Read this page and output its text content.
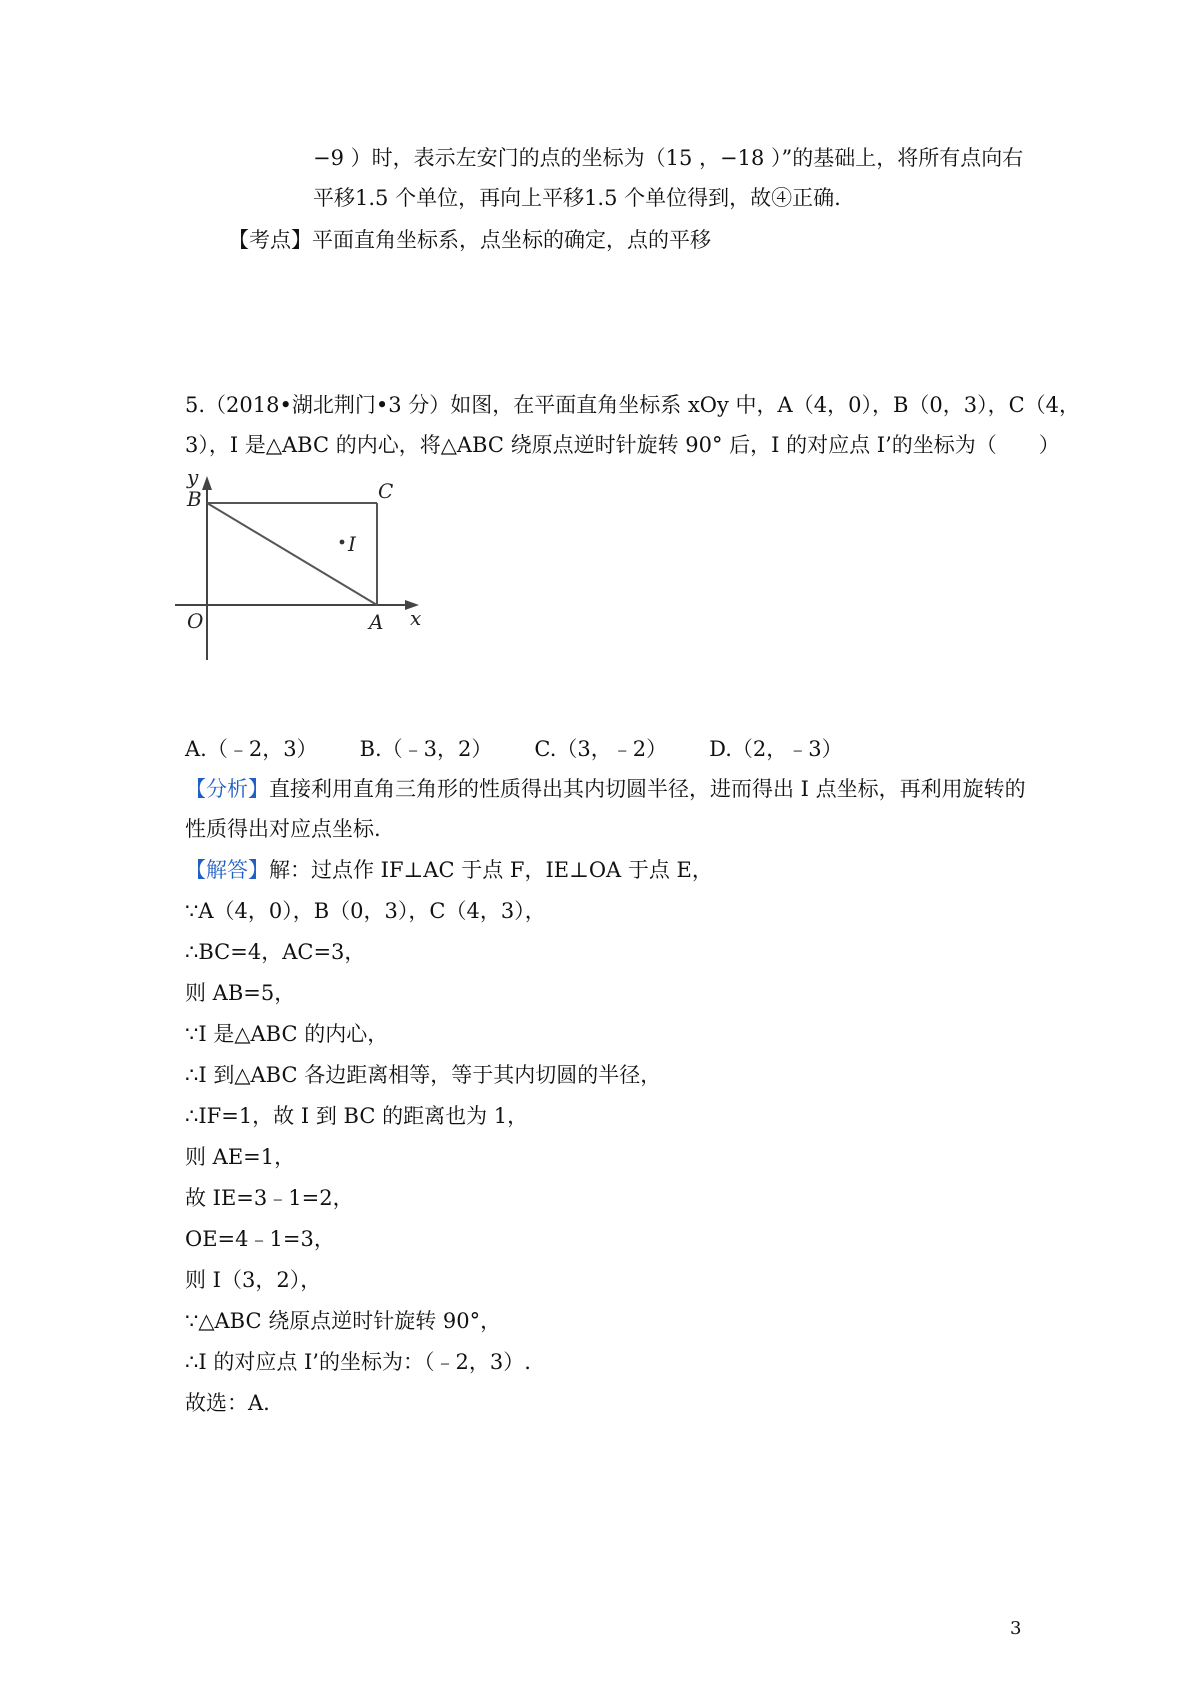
−9 ）时，表示左安门的点的坐标为（15 ，−18 ）”的基础上，将所有点向右
平移1.5 个单位，再向上平移1.5 个单位得到，故④正确.
【考点】平面直角坐标系，点坐标的确定，点的平移
5.（2018•湖北荆门•3 分）如图，在平面直角坐标系 xOy 中，A（4，0），B（0，3），C（4，
3），I 是△ABC 的内心，将△ABC 绕原点逆时针旋转 90° 后，I 的对应点 I’的坐标为（　　）
y
B	C
I
O	A x
A.（﹣2，3） B.（﹣3，2） C.（3，﹣2） D.（2，﹣3）
【分析】直接利用直角三角形的性质得出其内切圆半径，进而得出 I 点坐标，再利用旋转的
性质得出对应点坐标.
【解答】解：过点作 IF⊥AC 于点 F，IE⊥OA 于点 E，
∵A（4，0），B（0，3），C（4，3），
∴BC=4，AC=3，
则 AB=5，
∵I 是△ABC 的内心，
∴I 到△ABC 各边距离相等，等于其内切圆的半径，
∴IF=1，故 I 到 BC 的距离也为 1，
则 AE=1，
故 IE=3﹣1=2，
OE=4﹣1=3，
则 I（3，2），
∵△ABC 绕原点逆时针旋转 90°，
∴I 的对应点 I’的坐标为：（﹣2，3）.
故选：A.
3
